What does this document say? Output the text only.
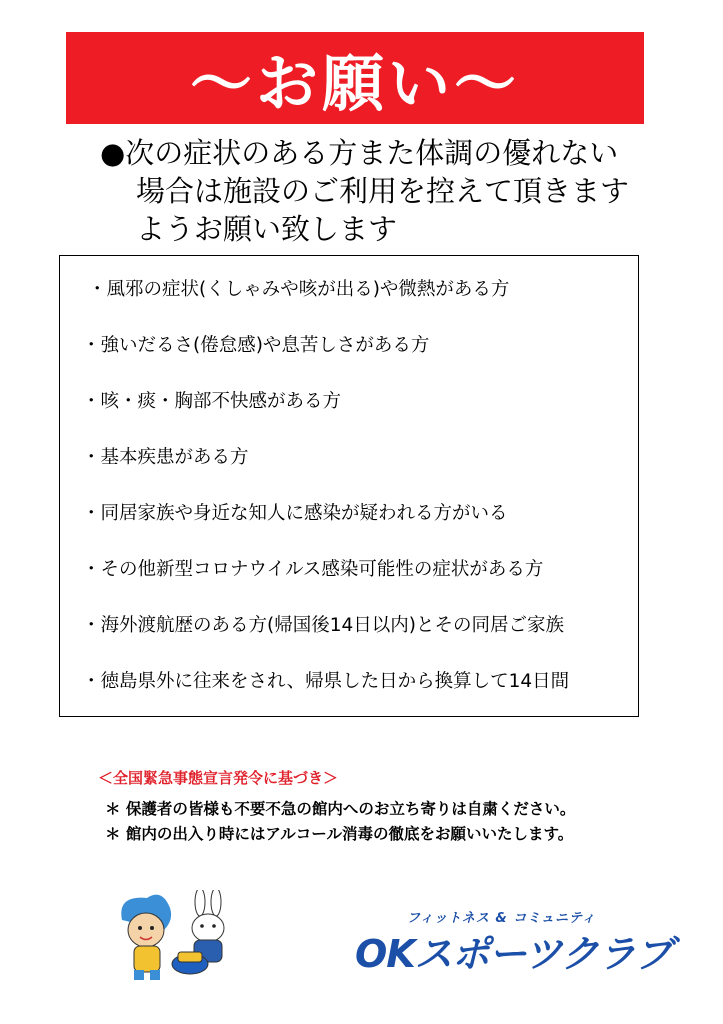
～お願い～
●次の症状のある方また体調の優れない
場合は施設のご利用を控えて頂きます
ようお願い致します
・風邪の症状(くしゃみや咳が出る)や微熱がある方
・強いだるさ(倦怠感)や息苦しさがある方
・咳・痰・胸部不快感がある方
・基本疾患がある方
・同居家族や身近な知人に感染が疑われる方がいる
・その他新型コロナウイルス感染可能性の症状がある方
・海外渡航歴のある方(帰国後14日以内)とその同居ご家族
・徳島県外に往来をされ、帰県した日から換算して14日間
＜全国緊急事態宣言発令に基づき＞
＊ 保護者の皆様も不要不急の館内へのお立ち寄りは自粛ください。
＊ 館内の出入り時にはアルコール消毒の徹底をお願いいたします。
フィットネス & コミュニティ
OKスポーツクラブ
